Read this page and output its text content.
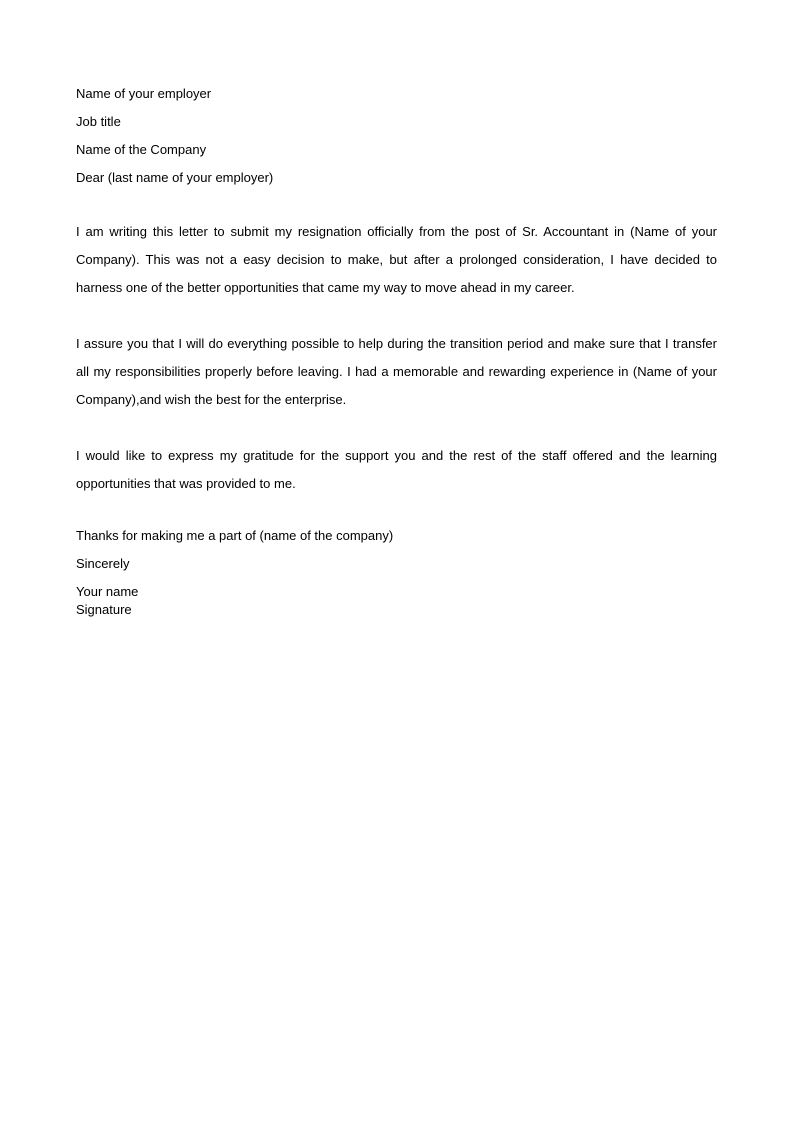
Name of your employer
Job title
Name of the Company
Dear (last name of your employer)

I am writing this letter to submit my resignation officially from the post of Sr. Accountant in (Name of your Company). This was not a easy decision to make, but after a prolonged consideration, I have decided to harness one of the better opportunities that came my way to move ahead in my career.

I assure you that I will do everything possible to help during the transition period and make sure that I transfer all my responsibilities properly before leaving. I had a memorable and rewarding experience in (Name of your Company),and wish the best for the enterprise.

I would like to express my gratitude for the support you and the rest of the staff offered and the learning opportunities that was provided to me.

Thanks for making me a part of (name of the company)
Sincerely
Your name
Signature
